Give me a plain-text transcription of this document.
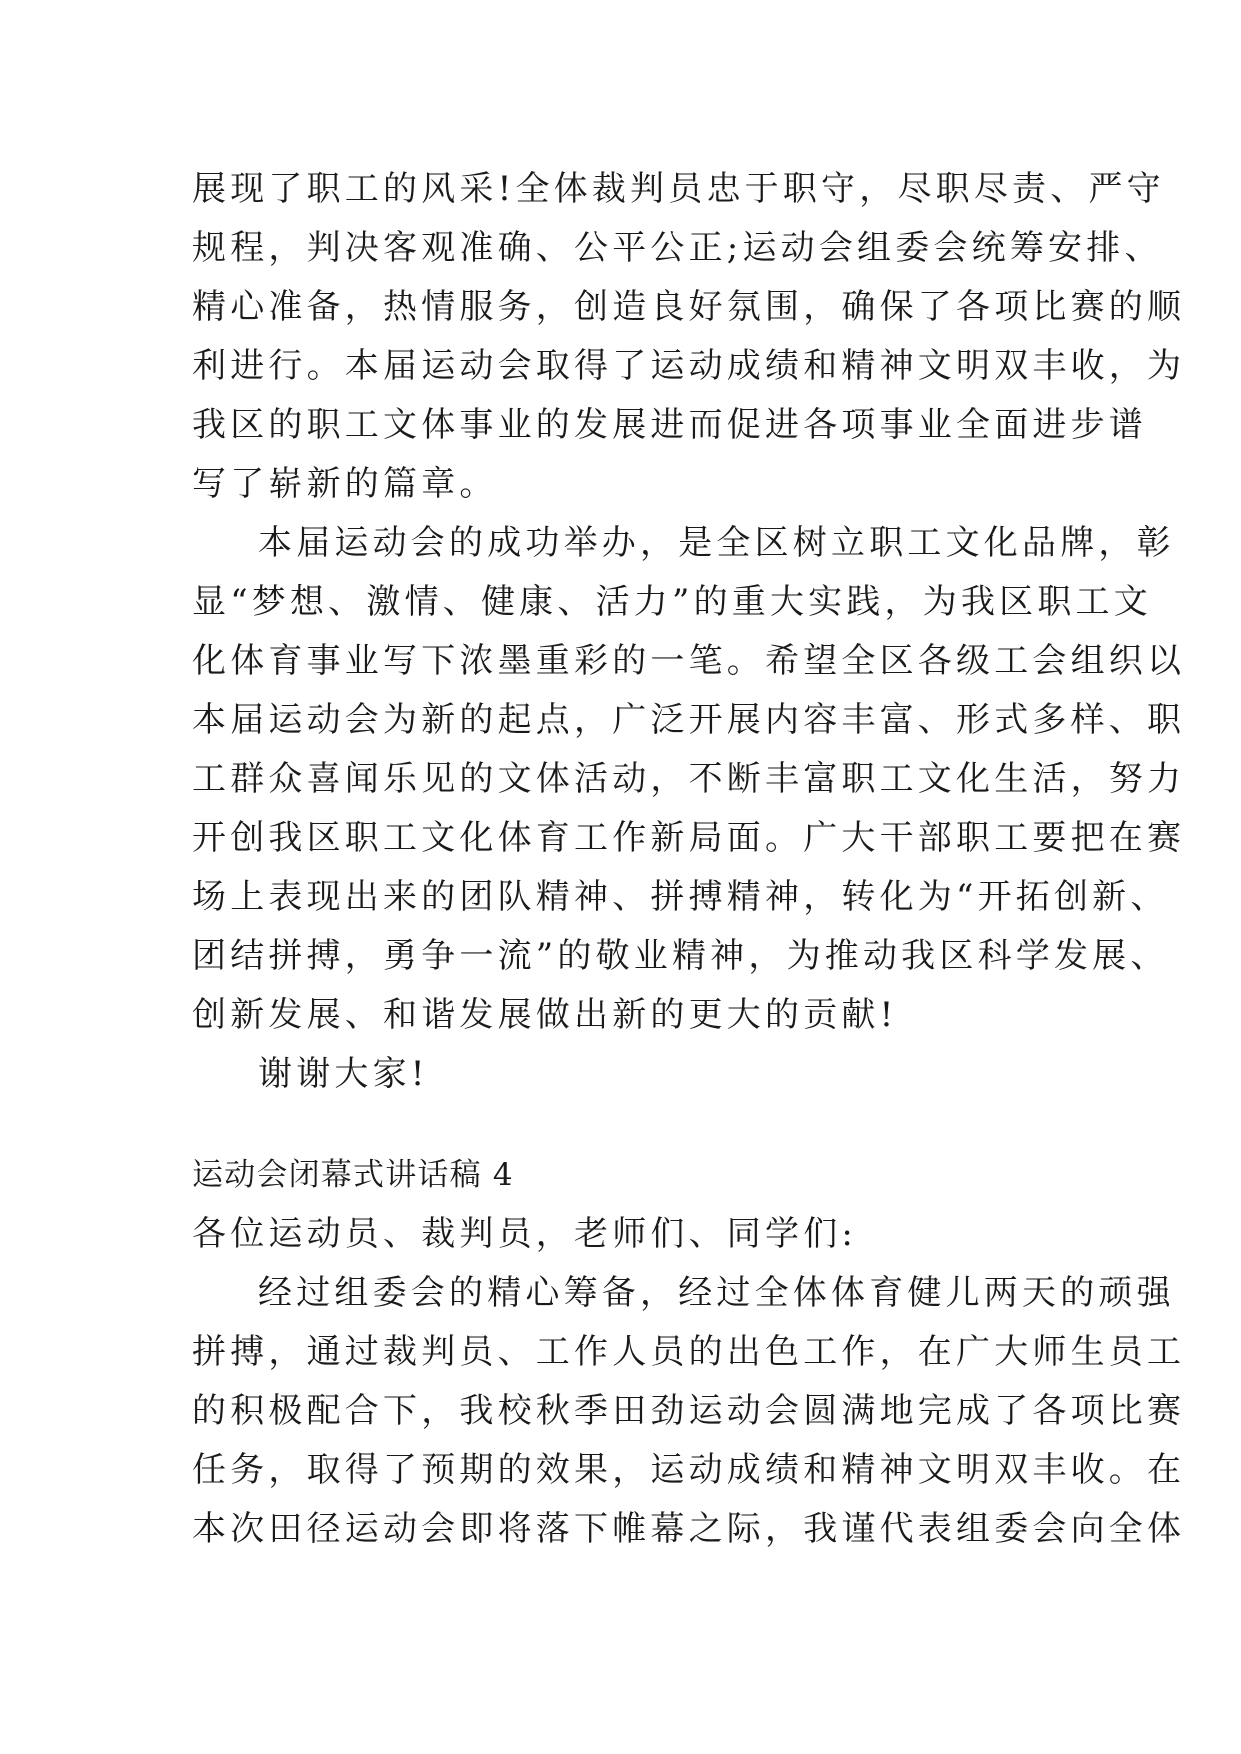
展现了职工的风采!全体裁判员忠于职守，尽职尽责、严守
规程，判决客观准确、公平公正;运动会组委会统筹安排、
精心准备，热情服务，创造良好氛围，确保了各项比赛的顺
利进行。本届运动会取得了运动成绩和精神文明双丰收，为
我区的职工文体事业的发展进而促进各项事业全面进步谱
写了崭新的篇章。
本届运动会的成功举办，是全区树立职工文化品牌，彰
显“梦想、激情、健康、活力”的重大实践，为我区职工文
化体育事业写下浓墨重彩的一笔。希望全区各级工会组织以
本届运动会为新的起点，广泛开展内容丰富、形式多样、职
工群众喜闻乐见的文体活动，不断丰富职工文化生活，努力
开创我区职工文化体育工作新局面。广大干部职工要把在赛
场上表现出来的团队精神、拼搏精神，转化为“开拓创新、
团结拼搏，勇争一流”的敬业精神，为推动我区科学发展、
创新发展、和谐发展做出新的更大的贡献!
谢谢大家!
运动会闭幕式讲话稿 4
各位运动员、裁判员，老师们、同学们:
经过组委会的精心筹备，经过全体体育健儿两天的顽强
拼搏，通过裁判员、工作人员的出色工作，在广大师生员工
的积极配合下，我校秋季田劲运动会圆满地完成了各项比赛
任务，取得了预期的效果，运动成绩和精神文明双丰收。在
本次田径运动会即将落下帷幕之际，我谨代表组委会向全体
